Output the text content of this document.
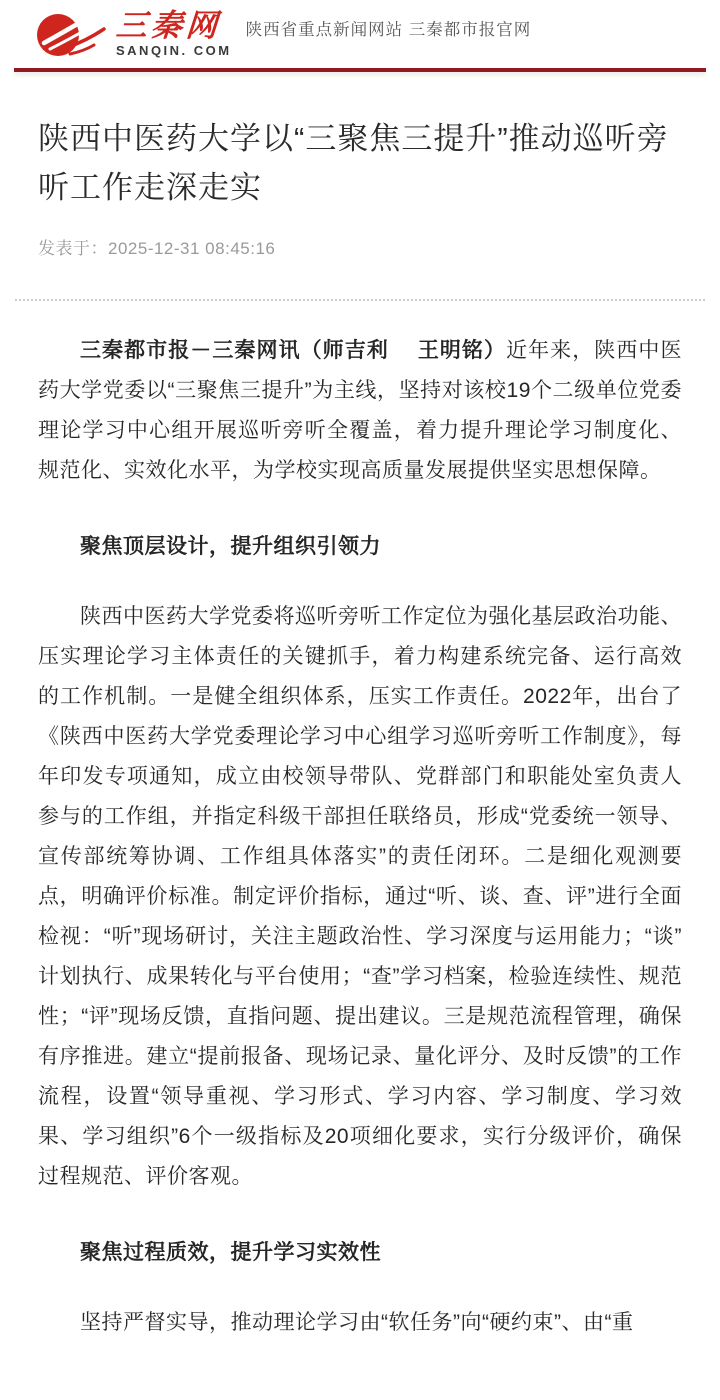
三秦网
SANQIN. COM
陕西省重点新闻网站 三秦都市报官网
陕西中医药大学以“三聚焦三提升”推动巡听旁听工作走深走实
发表于：2025-12-31 08:45:16

三秦都市报－三秦网讯（师吉利　 王明铭）近年来，陕西中医药大学党委以“三聚焦三提升”为主线，坚持对该校19个二级单位党委理论学习中心组开展巡听旁听全覆盖，着力提升理论学习制度化、规范化、实效化水平，为学校实现高质量发展提供坚实思想保障。

聚焦顶层设计，提升组织引领力

陕西中医药大学党委将巡听旁听工作定位为强化基层政治功能、压实理论学习主体责任的关键抓手，着力构建系统完备、运行高效的工作机制。一是健全组织体系，压实工作责任。2022年，出台了《陕西中医药大学党委理论学习中心组学习巡听旁听工作制度》，每年印发专项通知，成立由校领导带队、党群部门和职能处室负责人参与的工作组，并指定科级干部担任联络员，形成“党委统一领导、宣传部统筹协调、工作组具体落实”的责任闭环。二是细化观测要点，明确评价标准。制定评价指标，通过“听、谈、查、评”进行全面检视：“听”现场研讨，关注主题政治性、学习深度与运用能力；“谈”计划执行、成果转化与平台使用；“查”学习档案，检验连续性、规范性；“评”现场反馈，直指问题、提出建议。三是规范流程管理，确保有序推进。建立“提前报备、现场记录、量化评分、及时反馈”的工作流程，设置“领导重视、学习形式、学习内容、学习制度、学习效果、学习组织”6个一级指标及20项细化要求，实行分级评价，确保过程规范、评价客观。

聚焦过程质效，提升学习实效性

坚持严督实导，推动理论学习由“软任务”向“硬约束”、由“重
